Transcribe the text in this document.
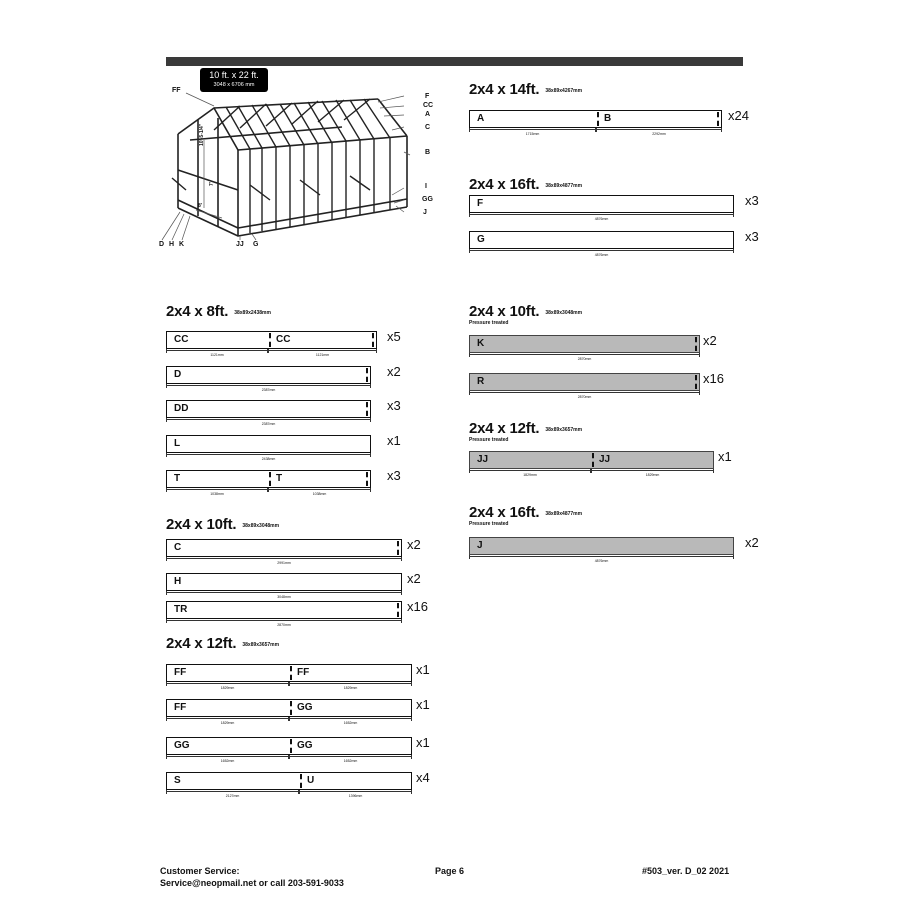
10 ft. x 22 ft.
3048 x 6706 mm
FF
F
CC
A
C
B
I
GG
J
D H K	JJ G
10'-5-1/4"
7'
8'
2x4 x 14ft. 38x89x4267mm
2x4 x 16ft. 38x89x4877mm
2x4 x 8ft. 38x89x2438mm	2x4 x 10ft. 38x89x3048mm
Pressure treated
2x4 x 12ft. 38x89x3657mm
Pressure treated
2x4 x 10ft. 38x89x3048mm
2x4 x 16ft. 38x89x4877mm
Pressure treated
2x4 x 12ft. 38x89x3657mm
1715mm	2292mm
A	B	x24
4876mm
F	x3
4876mm
G	x3
1121mm	1121mm
CC	CC	x5
2387mm
D	x2
2387mm
DD	x3
2438mm
L	x1
1038mm	1038mm
T	T	x3
2870mm
K	x2
2870mm
R	x16
1829mm	1829mm
JJ	JJ	x1
2991mm
C	x2
3048mm
H	x2
2870mm
TR	x16
4876mm
J	x2
1829mm	1829mm
FF	FF	x1
1829mm	1652mm
FF	GG	x1
1652mm	1652mm
GG	GG	x1
2127mm	1396mm
S	U	x4
Customer Service:
Service@neopmail.net or call 203-591-9033
Page 6	#503_ver. D_02 2021
